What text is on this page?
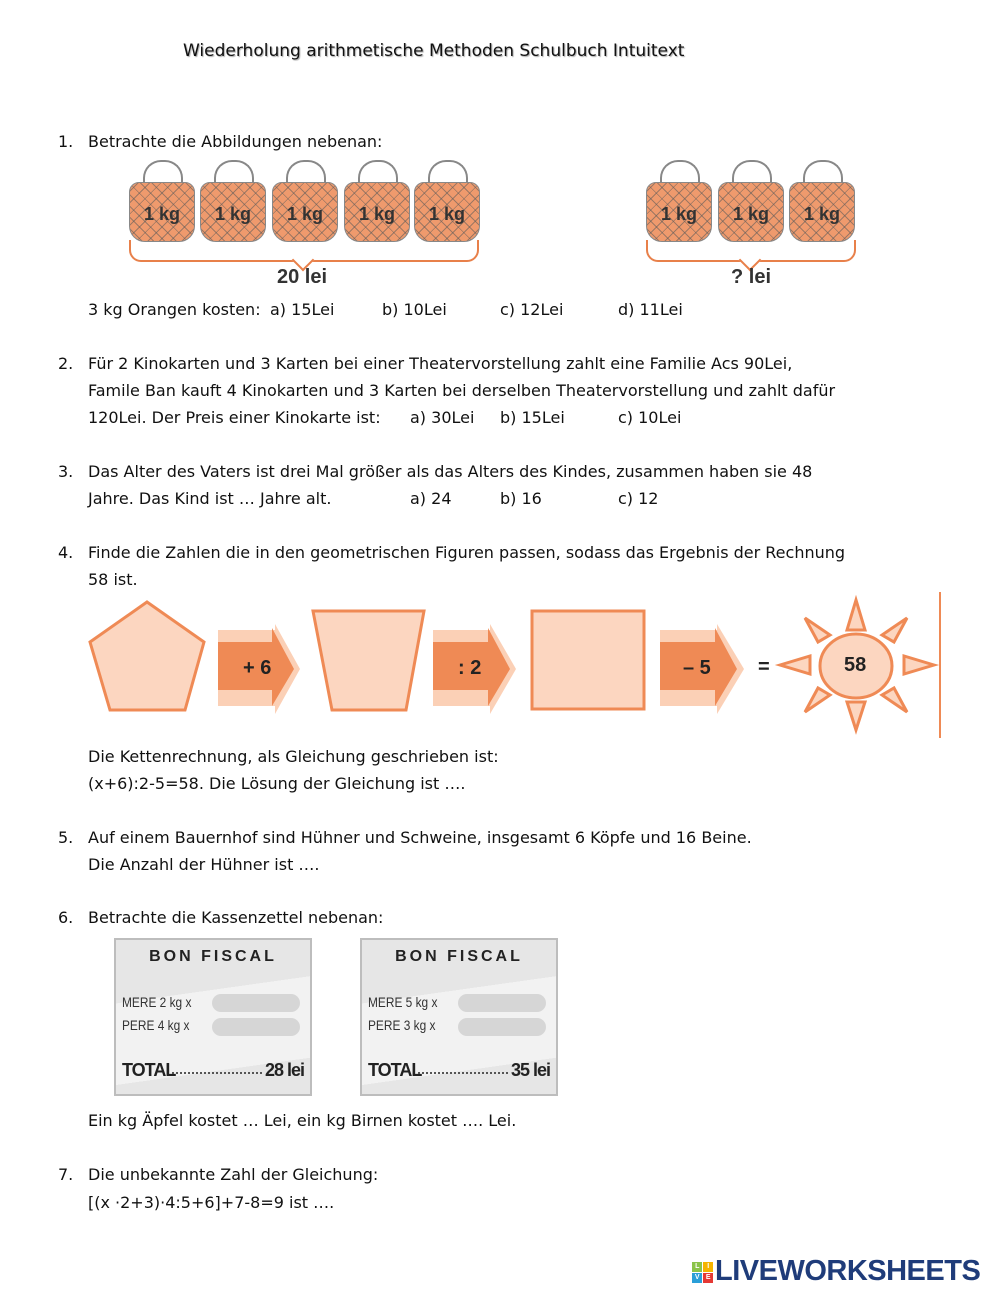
Wiederholung arithmetische Methoden Schulbuch Intuitext
1. Betrachte die Abbildungen nebenan:
1 kg	1 kg	1 kg	1 kg	1 kg	1 kg	1 kg	1 kg
20 lei	? lei
3 kg Orangen kosten: a) 15Lei	b) 10Lei	c) 12Lei	d) 11Lei
2. Für 2 Kinokarten und 3 Karten bei einer Theatervorstellung zahlt eine Familie Acs 90Lei,
Famile Ban kauft 4 Kinokarten und 3 Karten bei derselben Theatervorstellung und zahlt dafür
120Lei. Der Preis einer Kinokarte ist: a) 30Lei b) 15Lei	c) 10Lei
3. Das Alter des Vaters ist drei Mal größer als das Alters des Kindes, zusammen haben sie 48
Jahre. Das Kind ist … Jahre alt.	a) 24	b) 16	c) 12
4. Finde die Zahlen die in den geometrischen Figuren passen, sodass das Ergebnis der Rechnung
58 ist.
+ 6	: 2	– 5 =	58
Die Kettenrechnung, als Gleichung geschrieben ist:
(x+6):2-5=58. Die Lösung der Gleichung ist ….
5. Auf einem Bauernhof sind Hühner und Schweine, insgesamt 6 Köpfe und 16 Beine.
Die Anzahl der Hühner ist ….
6. Betrachte die Kassenzettel nebenan:
BON FISCAL
MERE 2 kg x
PERE 4 kg x
TOTAL	28 lei
BON FISCAL
MERE 5 kg x
PERE 3 kg x
TOTAL	35 lei
Ein kg Äpfel kostet … Lei, ein kg Birnen kostet …. Lei.
7. Die unbekannte Zahl der Gleichung:
[(x ·2+3)·4:5+6]+7-8=9 ist ….
L	I
V E LIVEWORKSHEETS
